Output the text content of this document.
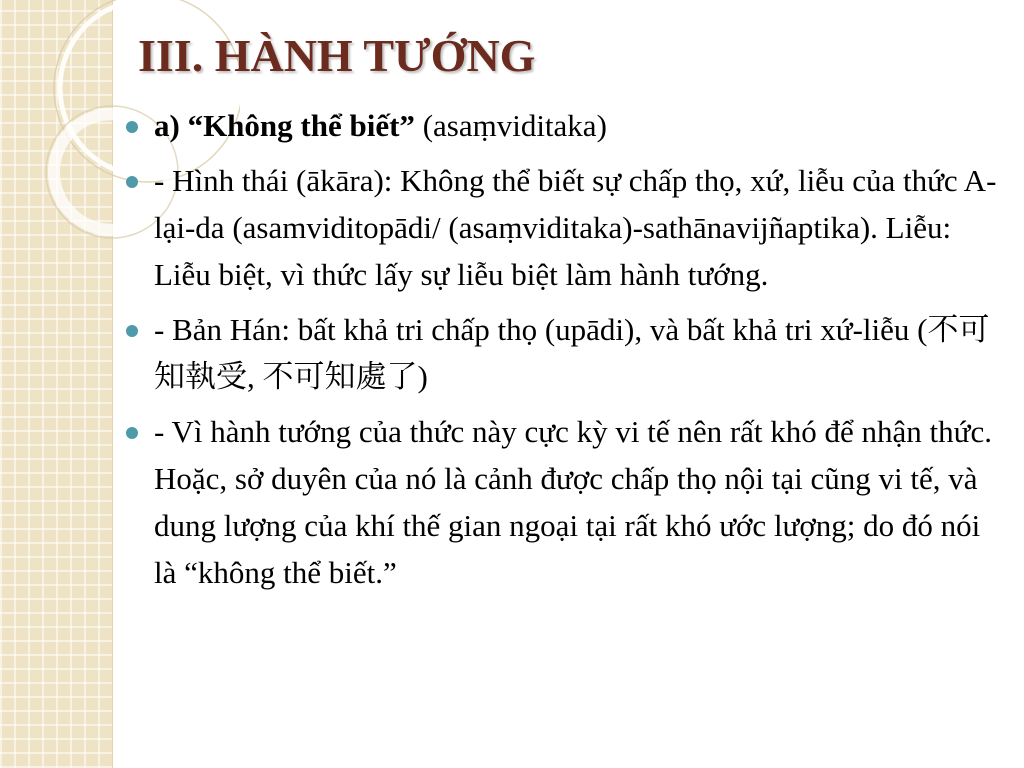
III. HÀNH TƯỚNG
a) “Không thể biết” (asaṃviditaka)
- Hình thái (ākāra): Không thể biết sự chấp thọ, xứ, liễu của thức A-lại-da (asamviditopādi/ (asaṃviditaka)-sathānavijñaptika). Liễu: Liễu biệt, vì thức lấy sự liễu biệt làm hành tướng.
- Bản Hán: bất khả tri chấp thọ (upādi), và bất khả tri xứ-liễu (不可知執受, 不可知處了)
- Vì hành tướng của thức này cực kỳ vi tế nên rất khó để nhận thức. Hoặc, sở duyên của nó là cảnh được chấp thọ nội tại cũng vi tế, và dung lượng của khí thế gian ngoại tại rất khó ước lượng; do đó nói là “không thể biết.”
